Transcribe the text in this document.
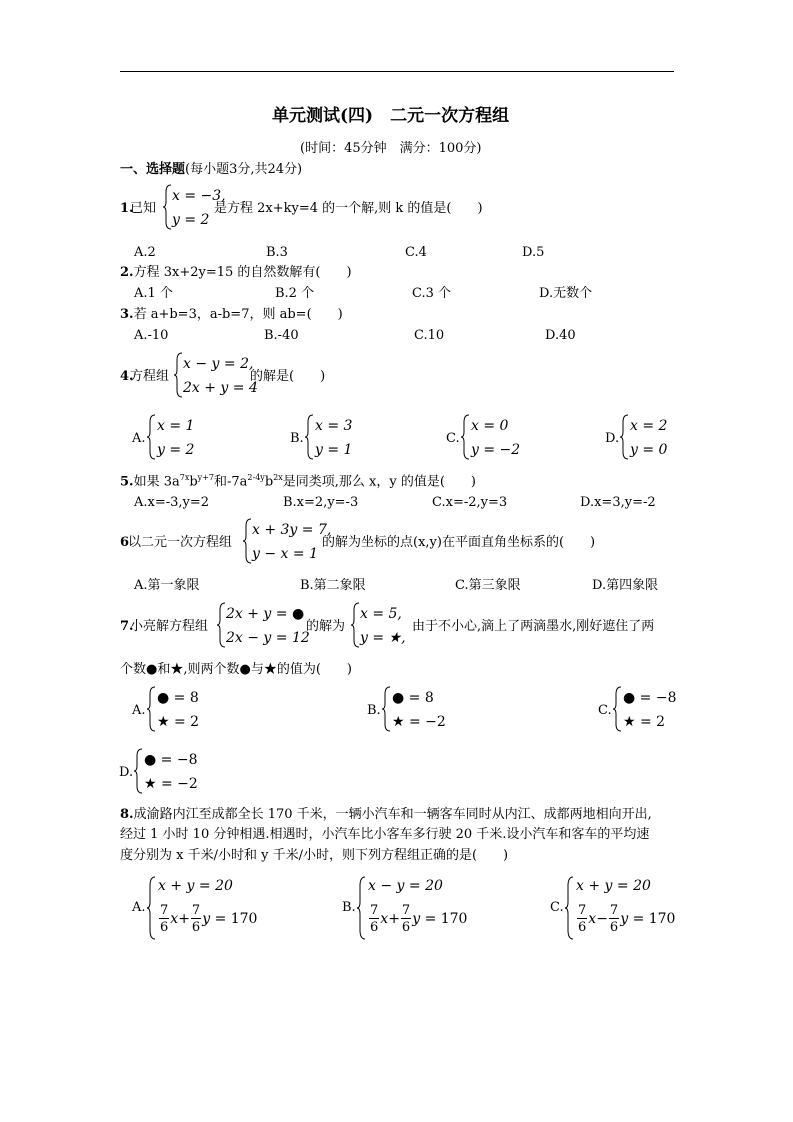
单元测试(四)　二元一次方程组
(时间：45分钟　满分：100分)
一、选择题(每小题3分,共24分)
1.
已知
x = −3,
y = 2
是方程 2x+ky=4 的一个解,则 k 的值是(　　)
A.2	B.3	C.4	D.5
2.方程 3x+2y=15 的自然数解有(　　)
A.1 个	B.2 个	C.3 个	D.无数个
3.若 a+b=3，a-b=7，则 ab=(　　)
A.-10	B.-40	C.10	D.40
4.
方程组
x − y = 2,
2x + y = 4
的解是(　　)
A.
x = 1
y = 2
B.
x = 3
y = 1
C.
x = 0
y = −2
D.
x = 2
y = 0
5.如果 $3a^{7x}b^{y+7}$和$-7a^{2-4y}b^{2x}$是同类项,那么 x，y 的值是(　　)
A.x=-3,y=2	B.x=2,y=-3	C.x=-2,y=3	D.x=3,y=-2
6
以二元一次方程组
x + 3y = 7,
y − x = 1
的解为坐标的点(x,y)在平面直角坐标系的(　　)
A.第一象限	B.第二象限	C.第三象限	D.第四象限
7.
小亮解方程组
2x + y = ●
2x − y = 12
的解为
x = 5,
y = ★,
由于不小心,滴上了两滴墨水,刚好遮住了两
个数●和★,则两个数●与★的值为(　　)
A.
● = 8
★ = 2
B.
● = 8
★ = −2
C.
● = −8
★ = 2
D.
● = −8
★ = −2
8.成渝路内江至成都全长 170 千米，一辆小汽车和一辆客车同时从内江、成都两地相向开出,
经过 1 小时 10 分钟相遇.相遇时，小汽车比小客车多行驶 20 千米.设小汽车和客车的平均速
度分别为 x 千米/小时和 y 千米/小时，则下列方程组正确的是(　　)
A.
x + y = 20
$\frac{7}{6} x+ \frac{7}{6}$ y = 170
B.
x − y = 20
$\frac{7}{6} x+ \frac{7}{6}$ y = 170
C.
x + y = 20
$\frac{7}{6} x- \frac{7}{6}$ y = 170
